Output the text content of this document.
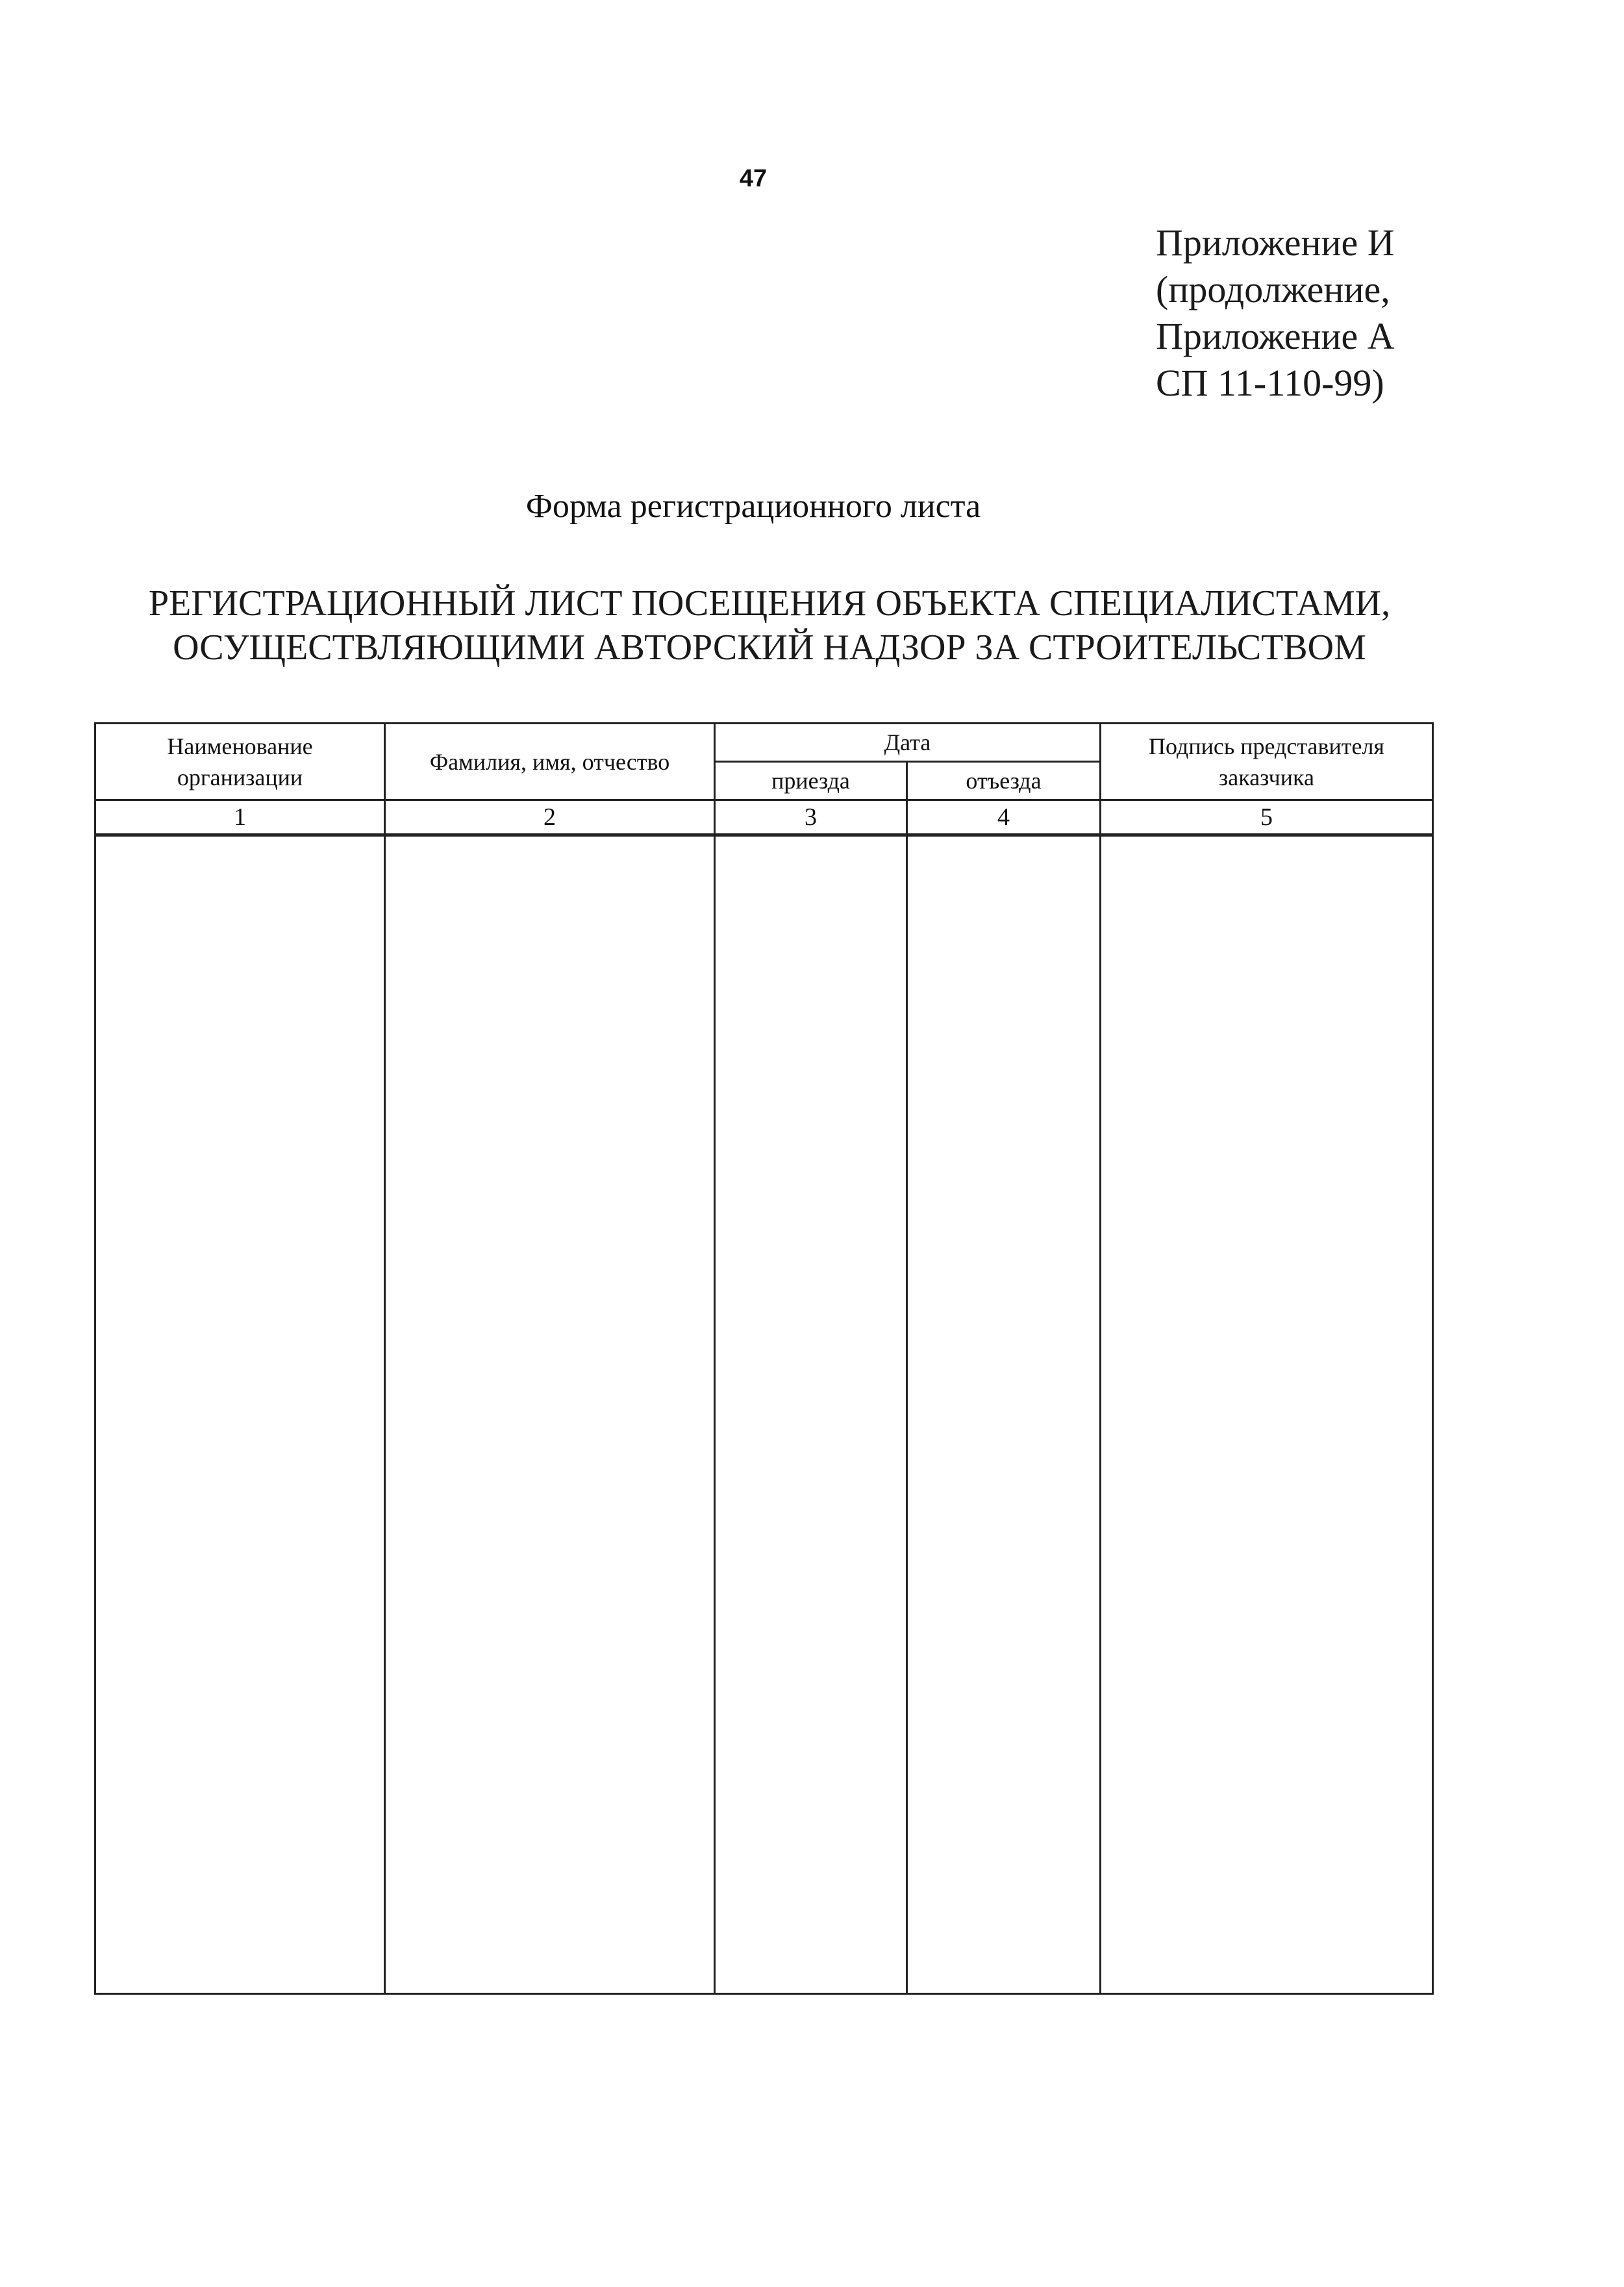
47
Приложение И
(продолжение,
Приложение А
СП 11-110-99)
Форма регистрационного листа
РЕГИСТРАЦИОННЫЙ ЛИСТ ПОСЕЩЕНИЯ ОБЪЕКТА СПЕЦИАЛИСТАМИ,
ОСУЩЕСТВЛЯЮЩИМИ АВТОРСКИЙ НАДЗОР ЗА СТРОИТЕЛЬСТВОМ
Наименование
организации	Фамилия, имя, отчество	Дата		Подпись представителя
заказчика
		приезда	отъезда	
1	2	3	4	5
